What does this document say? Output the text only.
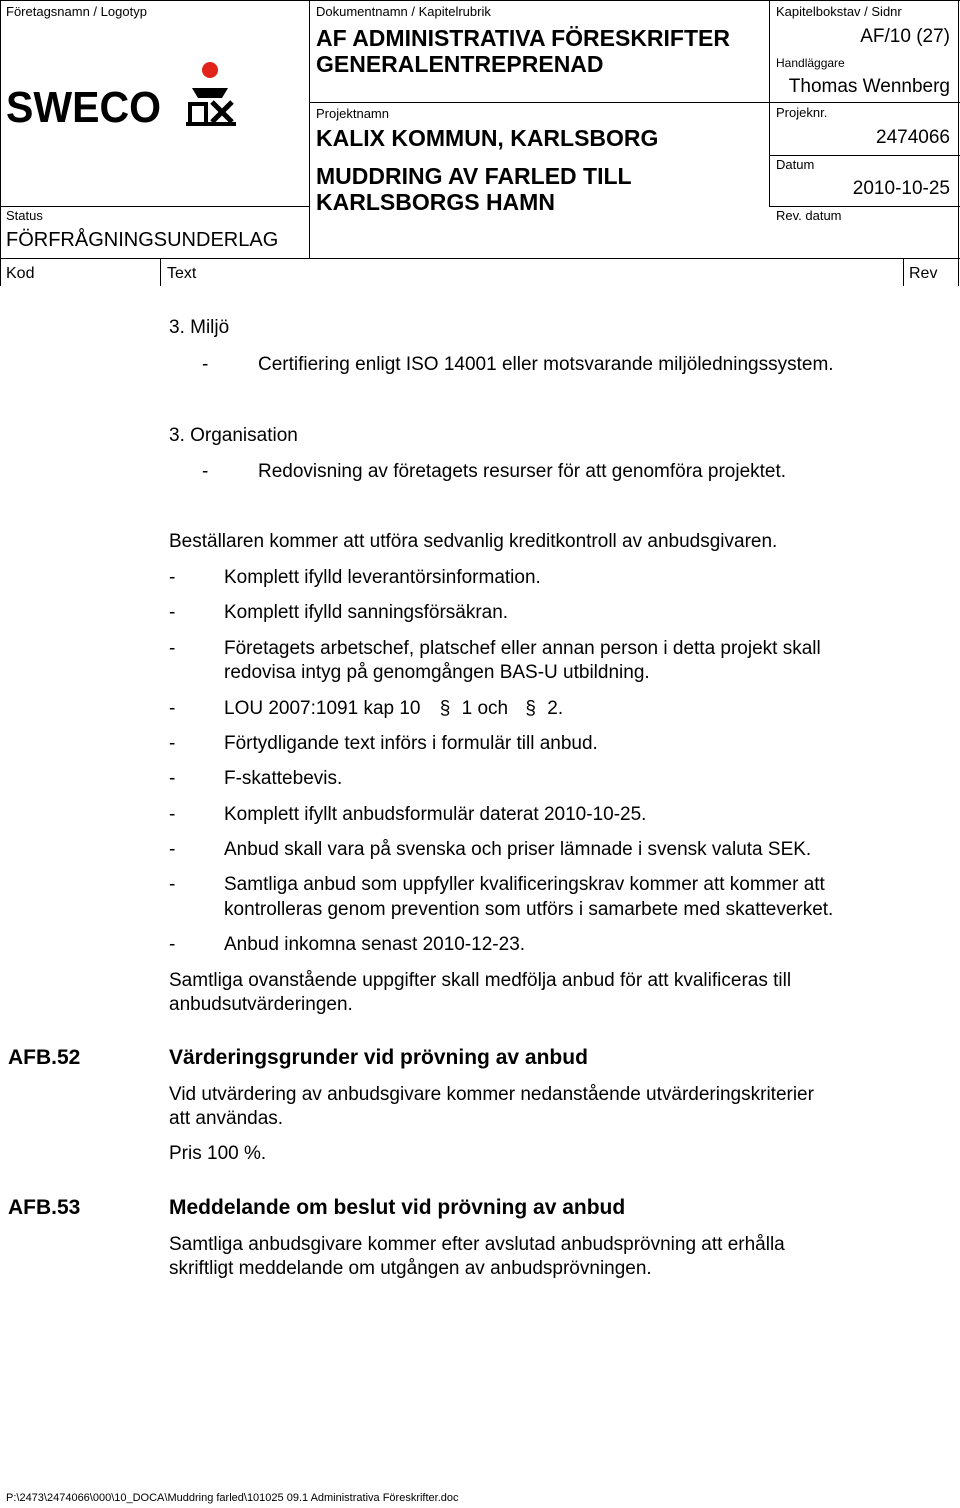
Företagsnamn / Logotyp
SWECO
Status
FÖRFRÅGNINGSUNDERLAG
Dokumentnamn / Kapitelrubrik
AF ADMINISTRATIVA FÖRESKRIFTER
GENERALENTREPRENAD
Projektnamn
KALIX KOMMUN, KARLSBORG
MUDDRING AV FARLED TILL
KARLSBORGS HAMN
Kapitelbokstav / Sidnr
AF/10 (27)
Handläggare
Thomas Wennberg
Projeknr.
2474066
Datum
2010-10-25
Rev. datum
Kod	Text	Rev
3. Miljö
-	Certifiering enligt ISO 14001 eller motsvarande miljöledningssystem.
3. Organisation
-	Redovisning av företagets resurser för att genomföra projektet.
Beställaren kommer att utföra sedvanlig kreditkontroll av anbudsgivaren.
-	Komplett ifylld leverantörsinformation.
-	Komplett ifylld sanningsförsäkran.
-	Företagets arbetschef, platschef eller annan person i detta projekt skall
redovisa intyg på genomgången BAS-U utbildning.
-	LOU 2007:1091 kap 10 § 1 och § 2.
-	Förtydligande text införs i formulär till anbud.
-	F-skattebevis.
-	Komplett ifyllt anbudsformulär daterat 2010-10-25.
-	Anbud skall vara på svenska och priser lämnade i svensk valuta SEK.
-	Samtliga anbud som uppfyller kvalificeringskrav kommer att kommer att
kontrolleras genom prevention som utförs i samarbete med skatteverket.
-	Anbud inkomna senast 2010-12-23.
Samtliga ovanstående uppgifter skall medfölja anbud för att kvalificeras till
anbudsutvärderingen.
AFB.52	Värderingsgrunder vid prövning av anbud
Vid utvärdering av anbudsgivare kommer nedanstående utvärderingskriterier
att användas.
Pris 100 %.
AFB.53	Meddelande om beslut vid prövning av anbud
Samtliga anbudsgivare kommer efter avslutad anbudsprövning att erhålla
skriftligt meddelande om utgången av anbudsprövningen.
P:\2473\2474066\000\10_DOCA\Muddring farled\101025 09.1 Administrativa Föreskrifter.doc
